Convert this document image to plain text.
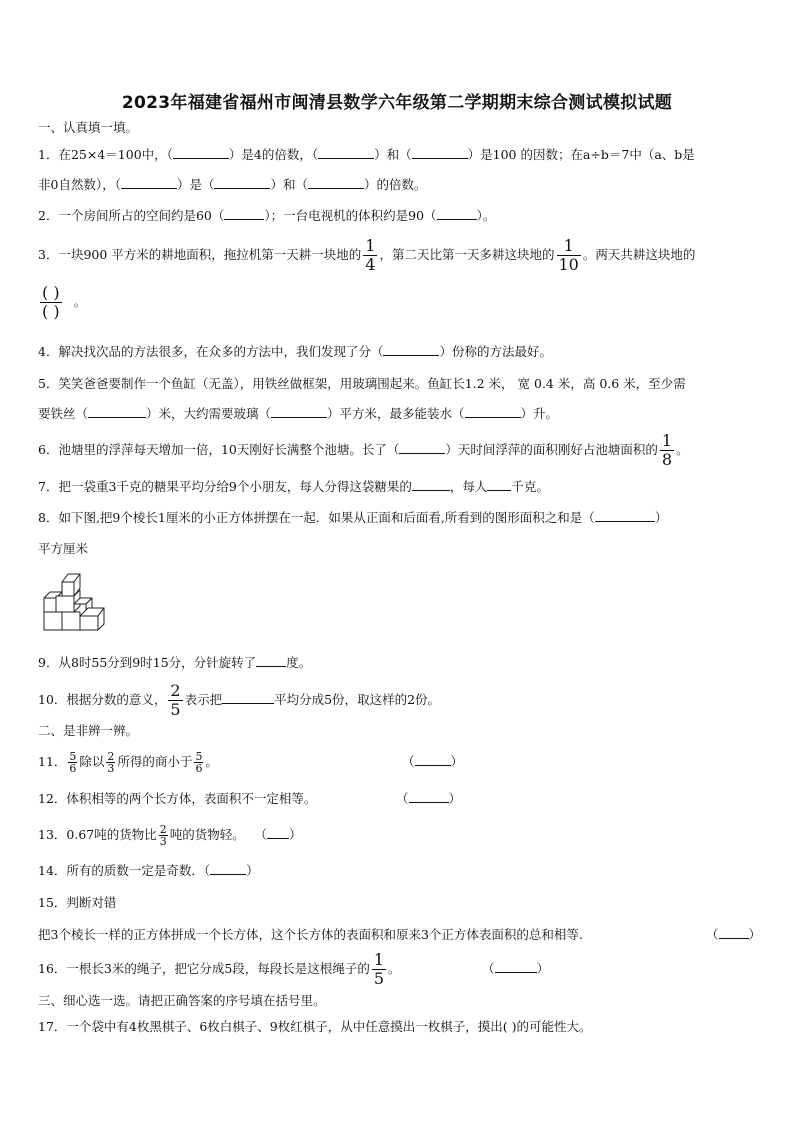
2023年福建省福州市闽清县数学六年级第二学期期末综合测试模拟试题
一、认真填一填。
1．在25×4＝100中，（	）是4的倍数，（	）和（	）是100 的因数；在a÷b＝7中（a、b是
非0自然数），（	）是（	）和（	）的倍数。
2．一个房间所占的空间约是60（	）；一台电视机的体积约是90（	）。
3．一块900 平方米的耕地面积，拖拉机第一天耕一块地的 $\frac{1}{4}$ ，第二天比第一天多耕这块地的 $\frac{1}{10}$ 。两天共耕这块地的
$\frac{( )}{( )}$ 。
4．解决找次品的方法很多，在众多的方法中，我们发现了分（	）份称的方法最好。
5．笑笑爸爸要制作一个鱼缸（无盖），用铁丝做框架，用玻璃围起来。鱼缸长1.2 米， 宽 0.4 米，高 0.6 米，至少需
要铁丝（	）米，大约需要玻璃（	）平方米，最多能装水（	）升。
6．池塘里的浮萍每天增加一倍，10天刚好长满整个池塘。长了（	）天时间浮萍的面积刚好占池塘面积的 $\frac{1}{8}$ 。
7．把一袋重3千克的糖果平均分给9个小朋友，每人分得这袋糖果的	，每人 千克。
8．如下图,把9个棱长1厘米的小正方体拼摆在一起．如果从正面和后面看,所看到的图形面积之和是（	）
平方厘米
9．从8时55分到9时15分，分针旋转了 度。
10．根据分数的意义， $\frac{2}{5}$ 表示把	平均分成5份，取这样的2份。
二、是非辨一辨。
11． $\frac{5}{6}$ 除以 $\frac{2}{3}$ 所得的商小于 $\frac{5}{6}$ 。	（	）
12．体积相等的两个长方体，表面积不一定相等。	（	）
13．0.67吨的货物比 $\frac{2}{3}$ 吨的货物轻。 （ ）
14．所有的质数一定是奇数．（	）
15．判断对错
把3个棱长一样的正方体拼成一个长方体，这个长方体的表面积和原来3个正方体表面积的总和相等.	（ ）
16．一根长3米的绳子，把它分成5段，每段长是这根绳子的 $\frac{1}{5}$ 。	（	）
三、细心选一选。请把正确答案的序号填在括号里。
17．一个袋中有4枚黑棋子、6枚白棋子、9枚红棋子，从中任意摸出一枚棋子，摸出( )的可能性大。
